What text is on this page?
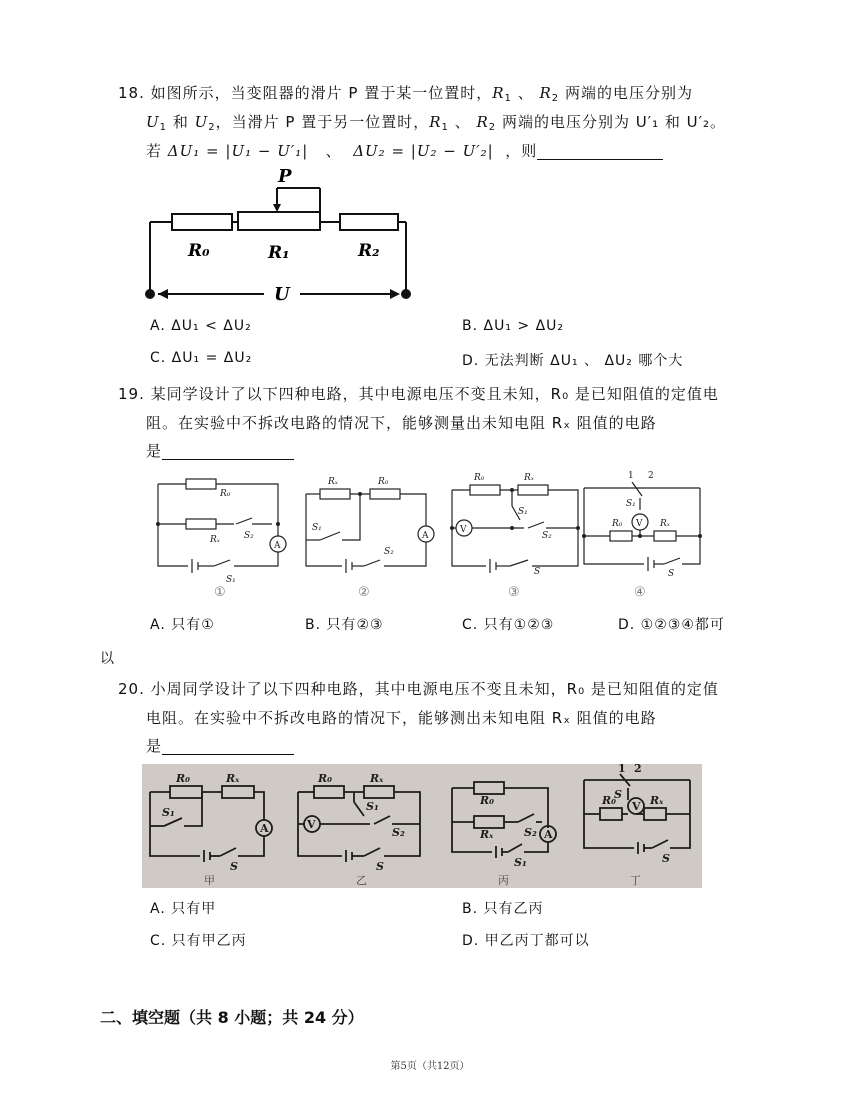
18. 如图所示，当变阻器的滑片 P 置于某一位置时，$R_1$ 、 $R_2$ 两端的电压分别为
$U_1$ 和 $U_2$，当滑片 P 置于另一位置时，$R_1$ 、 $R_2$ 两端的电压分别为 U′₁ 和 U′₂。
若 ΔU₁ = |U₁ − U′₁| 、 ΔU₂ = |U₂ − U′₂| ，则
P
R₀	R₁	R₂
U
A. ΔU₁ < ΔU₂	B. ΔU₁ > ΔU₂
C. ΔU₁ = ΔU₂	D. 无法判断 ΔU₁ 、 ΔU₂ 哪个大
19. 某同学设计了以下四种电路，其中电源电压不变且未知，R₀ 是已知阻值的定值电
阻。在实验中不拆改电路的情况下，能够测量出未知电阻 Rₓ 阻值的电路
是
R₀
Rₓ	S₂
A
S₁
Rₓ	R₀
S₁
A
S₂
R₀	Rₓ
V
S₁
S₂
S
1 2
S₁
V
R₀	Rₓ
S
①	②	③	④
A. 只有①	B. 只有②③	C. 只有①②③	D. ①②③④都可
以
20. 小周同学设计了以下四种电路，其中电源电压不变且未知，R₀ 是已知阻值的定值
电阻。在实验中不拆改电路的情况下，能够测出未知电阻 Rₓ 阻值的电路
是
R₀	Rₓ
S₁
A
S
R₀	Rₓ
V
S₁
S₂
S
R₀
Rₓ	S₂ A
S₁
1 2
S
V
R₀	Rₓ
S
甲	乙	丙	丁
A. 只有甲	B. 只有乙丙
C. 只有甲乙丙	D. 甲乙丙丁都可以
二、填空题（共 8 小题；共 24 分）
第5页（共12页）
